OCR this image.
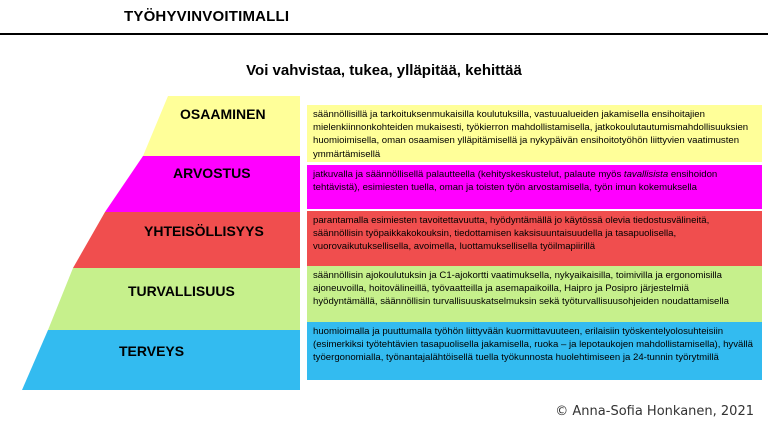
TYÖHYVINVOITIMALLI
Voi vahvistaa, tukea, ylläpitää, kehittää
OSAAMINEN
ARVOSTUS
YHTEISÖLLISYYS
TURVALLISUUS
TERVEYS
säännöllisillä ja tarkoituksenmukaisilla koulutuksilla, vastuualueiden jakamisella ensihoitajien mielenkiinnonkohteiden mukaisesti, työkierron mahdollistamisella, jatkokoulutautumismahdollisuuksien huomioimisella, oman osaamisen ylläpitämisellä ja nykypäivän ensihoitotyöhön liittyvien vaatimusten ymmärtämisellä
jatkuvalla ja säännöllisellä palautteella (kehityskeskustelut, palaute myös tavallisista ensihoidon tehtävistä), esimiesten tuella, oman ja toisten työn arvostamisella, työn imun kokemuksella
parantamalla esimiesten tavoitettavuutta, hyödyntämällä jo käytössä olevia tiedostusvälineitä, säännöllisin työpaikkakokouksin, tiedottamisen kaksisuuntaisuudella ja tasapuolisella, vuorovaikutuksellisella, avoimella, luottamuksellisella työilmapiirillä
säännöllisin ajokoulutuksin ja C1-ajokortti vaatimuksella, nykyaikaisilla, toimivilla ja ergonomisilla ajoneuvoilla, hoitovälineillä, työvaatteilla ja asemapaikoilla, Haipro ja Posipro järjestelmiä hyödyntämällä, säännöllisin turvallisuuskatselmuksin sekä työturvallisuusohjeiden noudattamisella
huomioimalla ja puuttumalla työhön liittyvään kuormittavuuteen, erilaisiin työskentelyolosuhteisiin (esimerkiksi työtehtävien tasapuolisella jakamisella, ruoka – ja lepotaukojen mahdollistamisella), hyvällä työergonomialla, työnantajalähtöisellä tuella työkunnosta huolehtimiseen ja 24-tunnin työrytmillä
© Anna-Sofia Honkanen, 2021
